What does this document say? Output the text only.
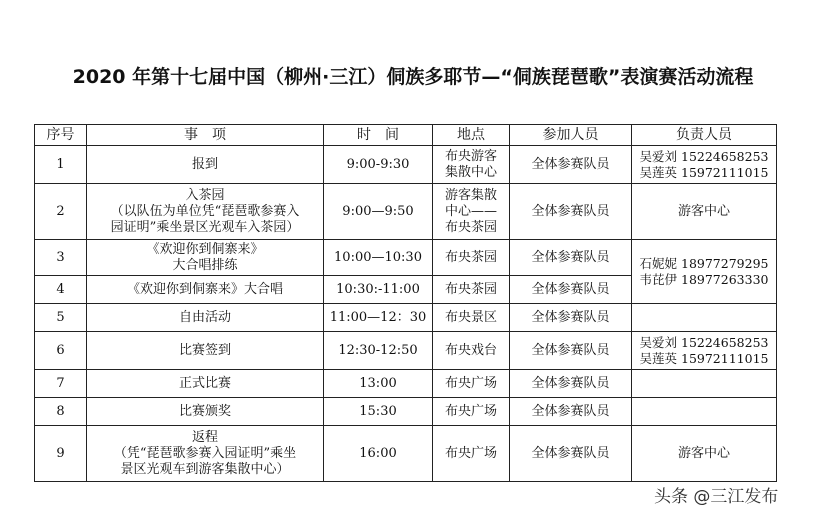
2020 年第十七届中国（柳州·三江）侗族多耶节—“侗族琵琶歌”表演赛活动流程
序号	事　项	时　间	地点	参加人员	负责人员
1	报到	9:00-9:30	布央游客
集散中心	全体参赛队员	吴爱刘 15224658253
吴莲英 15972111015

2	入茶园
（以队伍为单位凭“琵琶歌参赛入
园证明”乘坐景区光观车入茶园）	9:00—9:50	游客集散
中心——
布央茶园	全体参赛队员	游客中心

3	《欢迎你到侗寨来》
大合唱排练	10:00—10:30	布央茶园	全体参赛队员	石妮妮 18977279295
韦芘伊 18977263330

4	《欢迎你到侗寨来》大合唱	10:30:-11:00	布央茶园	全体参赛队员	
5	自由活动	11:00—12：30	布央景区	全体参赛队员	
6	比赛签到	12:30-12:50	布央戏台	全体参赛队员	吴爱刘 15224658253
吴莲英 15972111015

7	正式比赛	13:00	布央广场	全体参赛队员	
8	比赛颁奖	15:30	布央广场	全体参赛队员	
9	返程
（凭“琵琶歌参赛入园证明”乘坐
景区光观车到游客集散中心）	16:00	布央广场	全体参赛队员	游客中心
头条 @三江发布
